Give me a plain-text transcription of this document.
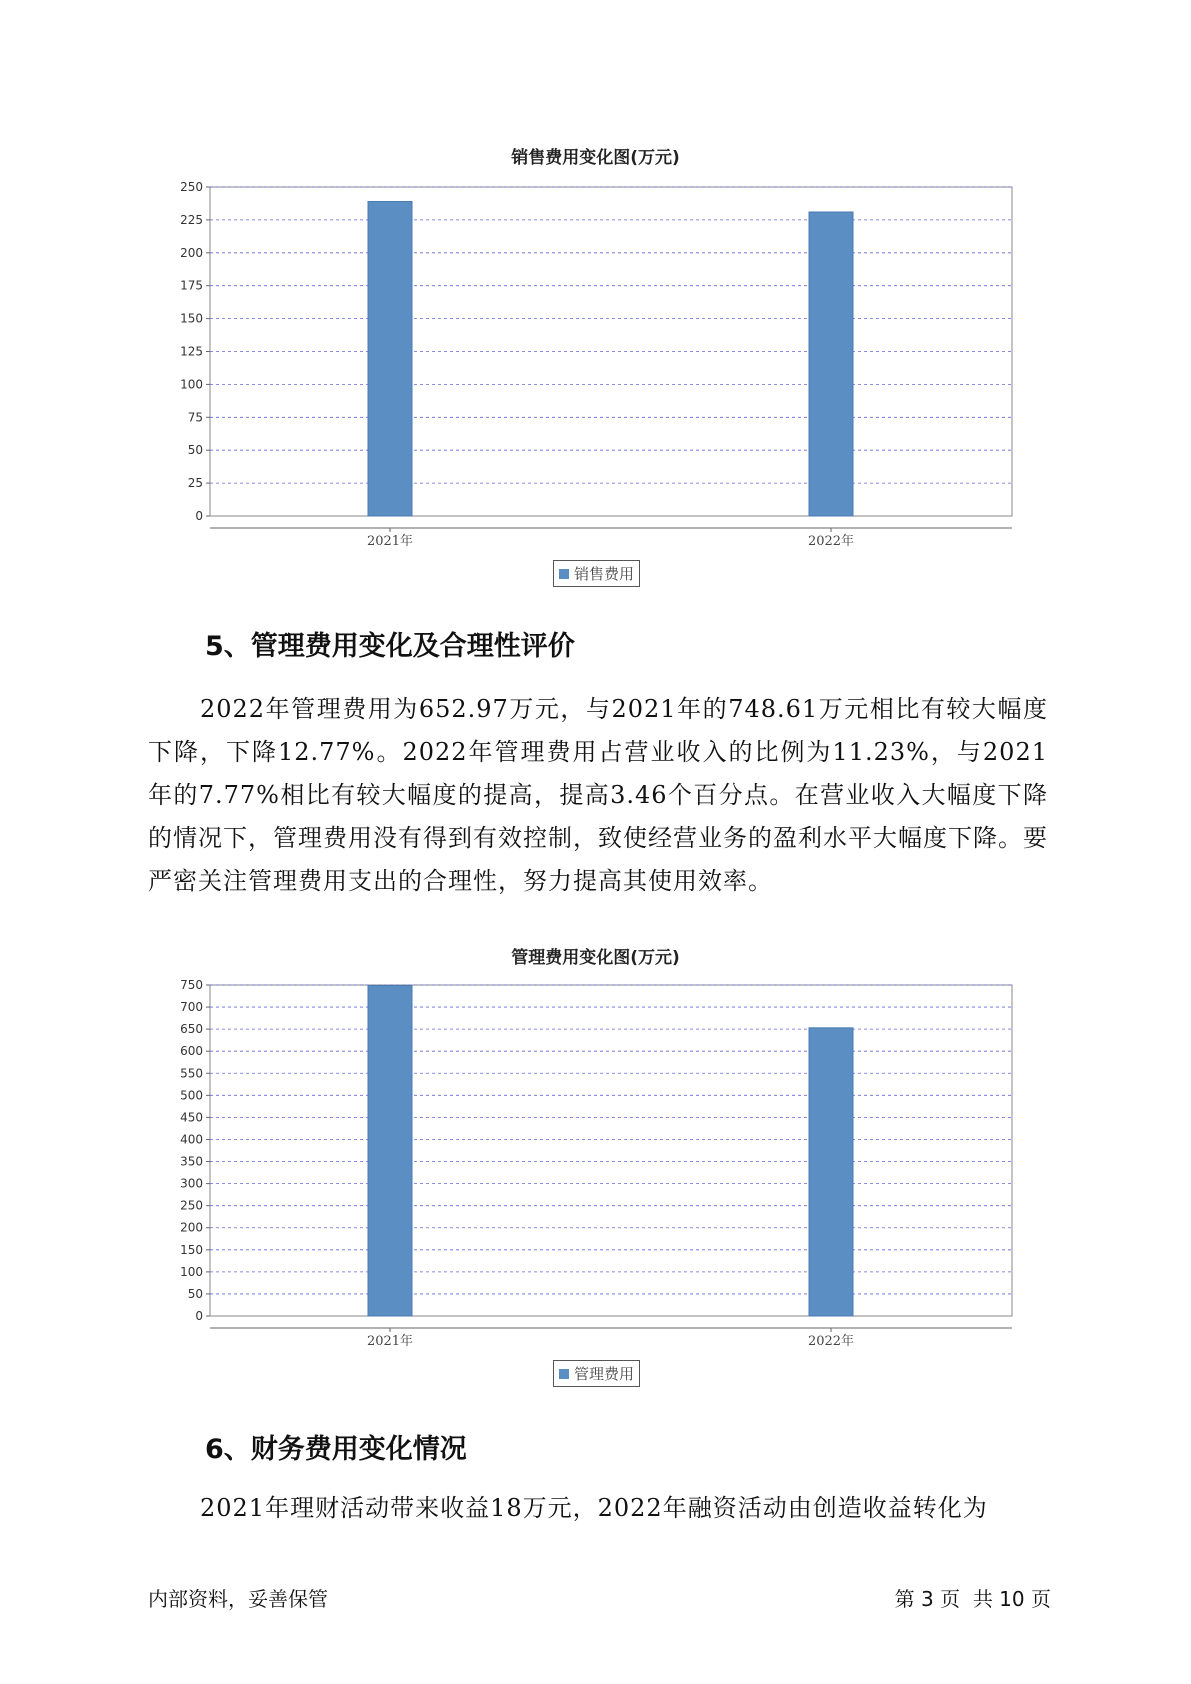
销售费用变化图(万元)
0
25
50
75
100
125
150
175
200
225
250
2021年	2022年
销售费用
5、管理费用变化及合理性评价

2022年管理费用为652.97万元，与2021年的748.61万元相比有较大幅度下降，下降12.77%。2022年管理费用占营业收入的比例为11.23%，与2021年的7.77%相比有较大幅度的提高，提高3.46个百分点。在营业收入大幅度下降的情况下，管理费用没有得到有效控制，致使经营业务的盈利水平大幅度下降。要严密关注管理费用支出的合理性，努力提高其使用效率。

管理费用变化图(万元)
0
50
100
150
200
250
300
350
400
450
500
550
600
650
700
750
2021年	2022年
管理费用
6、财务费用变化情况

2021年理财活动带来收益18万元，2022年融资活动由创造收益转化为

内部资料，妥善保管	第 3 页  共 10 页
